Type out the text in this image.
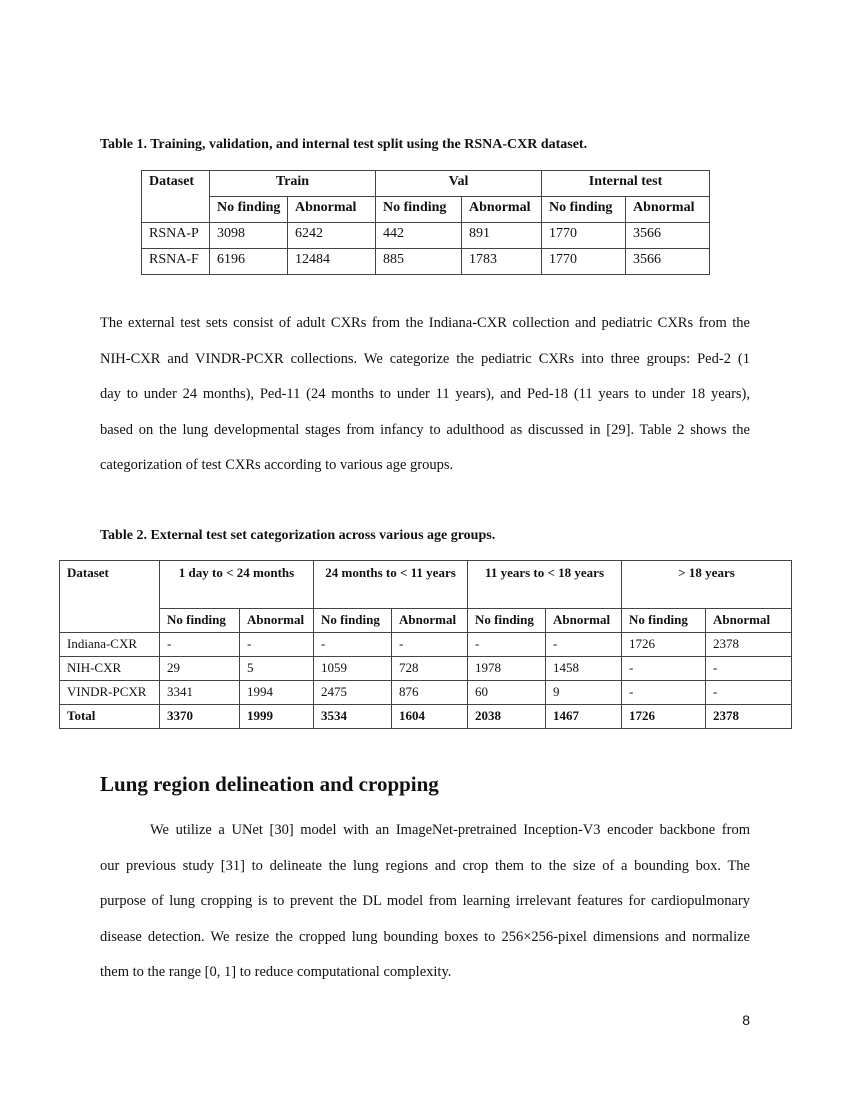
Table 1. Training, validation, and internal test split using the RSNA-CXR dataset.
Dataset	Train		Val		Internal test	
	No finding	Abnormal	No finding	Abnormal	No finding	Abnormal
RSNA-P	3098	6242	442	891	1770	3566
RSNA-F	6196	12484	885	1783	1770	3566
The external test sets consist of adult CXRs from the Indiana-CXR collection and pediatric CXRs from the
NIH-CXR and VINDR-PCXR collections. We categorize the pediatric CXRs into three groups: Ped-2 (1
day to under 24 months), Ped-11 (24 months to under 11 years), and Ped-18 (11 years to under 18 years),
based on the lung developmental stages from infancy to adulthood as discussed in [29]. Table 2 shows the
categorization of test CXRs according to various age groups.
Table 2. External test set categorization across various age groups.
Dataset	1 day to < 24 months		24 months to < 11 years		11 years to < 18 years		> 18 years	
	No finding	Abnormal	No finding	Abnormal	No finding	Abnormal	No finding	Abnormal
Indiana-CXR	-	-	-	-	-	-	1726	2378
NIH-CXR	29	5	1059	728	1978	1458	-	-
VINDR-PCXR	3341	1994	2475	876	60	9	-	-
Total	3370	1999	3534	1604	2038	1467	1726	2378
Lung region delineation and cropping
We utilize a UNet [30] model with an ImageNet-pretrained Inception-V3 encoder backbone from
our previous study [31] to delineate the lung regions and crop them to the size of a bounding box. The
purpose of lung cropping is to prevent the DL model from learning irrelevant features for cardiopulmonary
disease detection. We resize the cropped lung bounding boxes to 256×256-pixel dimensions and normalize
them to the range [0, 1] to reduce computational complexity.
8
